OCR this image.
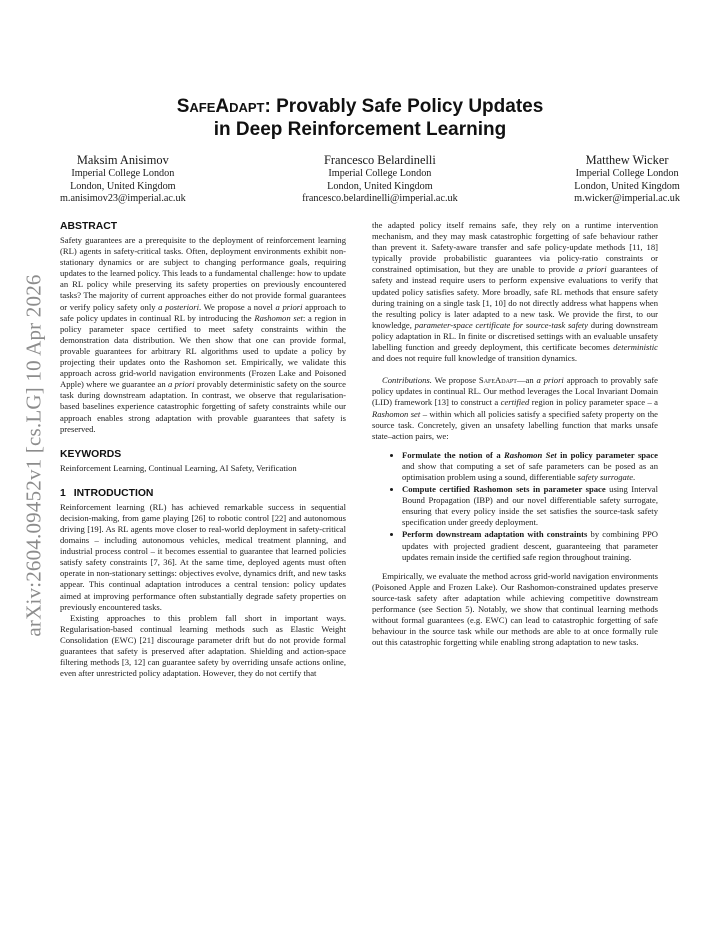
arXiv:2604.09452v1 [cs.LG] 10 Apr 2026
SafeAdapt: Provably Safe Policy Updates
in Deep Reinforcement Learning
Maksim Anisimov
Imperial College London
London, United Kingdom
m.anisimov23@imperial.ac.uk
Francesco Belardinelli
Imperial College London
London, United Kingdom
francesco.belardinelli@imperial.ac.uk
Matthew Wicker
Imperial College London
London, United Kingdom
m.wicker@imperial.ac.uk
ABSTRACT

Safety guarantees are a prerequisite to the deployment of reinforcement learning (RL) agents in safety-critical tasks. Often, deployment environments exhibit non-stationary dynamics or are subject to changing performance goals, requiring updates to the learned policy. This leads to a fundamental challenge: how to update an RL policy while preserving its safety properties on previously encountered tasks? The majority of current approaches either do not provide formal guarantees or verify policy safety only a posteriori. We propose a novel a priori approach to safe policy updates in continual RL by introducing the Rashomon set: a region in policy parameter space certified to meet safety constraints within the demonstration data distribution. We then show that one can provide formal, provable guarantees for arbitrary RL algorithms used to update a policy by projecting their updates onto the Rashomon set. Empirically, we validate this approach across grid-world navigation environments (Frozen Lake and Poisoned Apple) where we guarantee an a priori provably deterministic safety on the source task during downstream adaptation. In contrast, we observe that regularisation-based baselines experience catastrophic forgetting of safety constraints while our approach enables strong adaptation with provable guarantees that safety is preserved.

KEYWORDS

Reinforcement Learning, Continual Learning, AI Safety, Verification

1 INTRODUCTION

Reinforcement learning (RL) has achieved remarkable success in sequential decision-making, from game playing [26] to robotic control [22] and autonomous driving [19]. As RL agents move closer to real-world deployment in safety-critical domains – including autonomous vehicles, medical treatment planning, and industrial process control – it becomes essential to guarantee that learned policies satisfy safety constraints [7, 36]. At the same time, deployed agents must often operate in non-stationary settings: objectives evolve, dynamics drift, and new tasks appear. This continual adaptation introduces a central tension: policy updates aimed at improving performance often substantially degrade safety properties on previously encountered tasks.

Existing approaches to this problem fall short in important ways. Regularisation-based continual learning methods such as Elastic Weight Consolidation (EWC) [21] discourage parameter drift but do not provide formal guarantees that safety is preserved after adaptation. Shielding and action-space filtering methods [3, 12] can guarantee safety by overriding unsafe actions online, even after unrestricted policy adaptation. However, they do not certify that

the adapted policy itself remains safe, they rely on a runtime intervention mechanism, and they may mask catastrophic forgetting of safe behaviour rather than prevent it. Safety-aware transfer and safe policy-update methods [11, 18] typically provide probabilistic guarantees via policy-ratio constraints or constrained optimisation, but they are unable to provide a priori guarantees of safety and instead require users to perform expensive evaluations to verify that updated policy satisfies safety. More broadly, safe RL methods that ensure safety during training on a single task [1, 10] do not directly address what happens when the resulting policy is later adapted to a new task. We provide the first, to our knowledge, parameter-space certificate for source-task safety during downstream policy adaptation in RL. In finite or discretised settings with an evaluable unsafety labelling function and greedy deployment, this certificate becomes deterministic and does not require full knowledge of transition dynamics.

Contributions. We propose SafeAdapt—an a priori approach to provably safe policy updates in continual RL. Our method leverages the Local Invariant Domain (LID) framework [13] to construct a certified region in policy parameter space – a Rashomon set – within which all policies satisfy a specified safety property on the source task. Concretely, given an unsafety labelling function that marks unsafe state–action pairs, we:

• Formulate the notion of a Rashomon Set in policy parameter space and show that computing a set of safe parameters can be posed as an optimisation problem using a sound, differentiable safety surrogate.
• Compute certified Rashomon sets in parameter space using Interval Bound Propagation (IBP) and our novel differentiable safety surrogate, ensuring that every policy inside the set satisfies the source-task safety specification under greedy deployment.
• Perform downstream adaptation with constraints by combining PPO updates with projected gradient descent, guaranteeing that parameter updates remain inside the certified safe region throughout training.

Empirically, we evaluate the method across grid-world navigation environments (Poisoned Apple and Frozen Lake). Our Rashomon-constrained updates preserve source-task safety after adaptation while achieving competitive downstream performance (see Section 5). Notably, we show that continual learning methods without formal guarantees (e.g. EWC) can lead to catastrophic forgetting of safe behaviour in the source task while our methods are able to at once formally rule out this catastrophic forgetting while enabling strong adaptation to new tasks.
